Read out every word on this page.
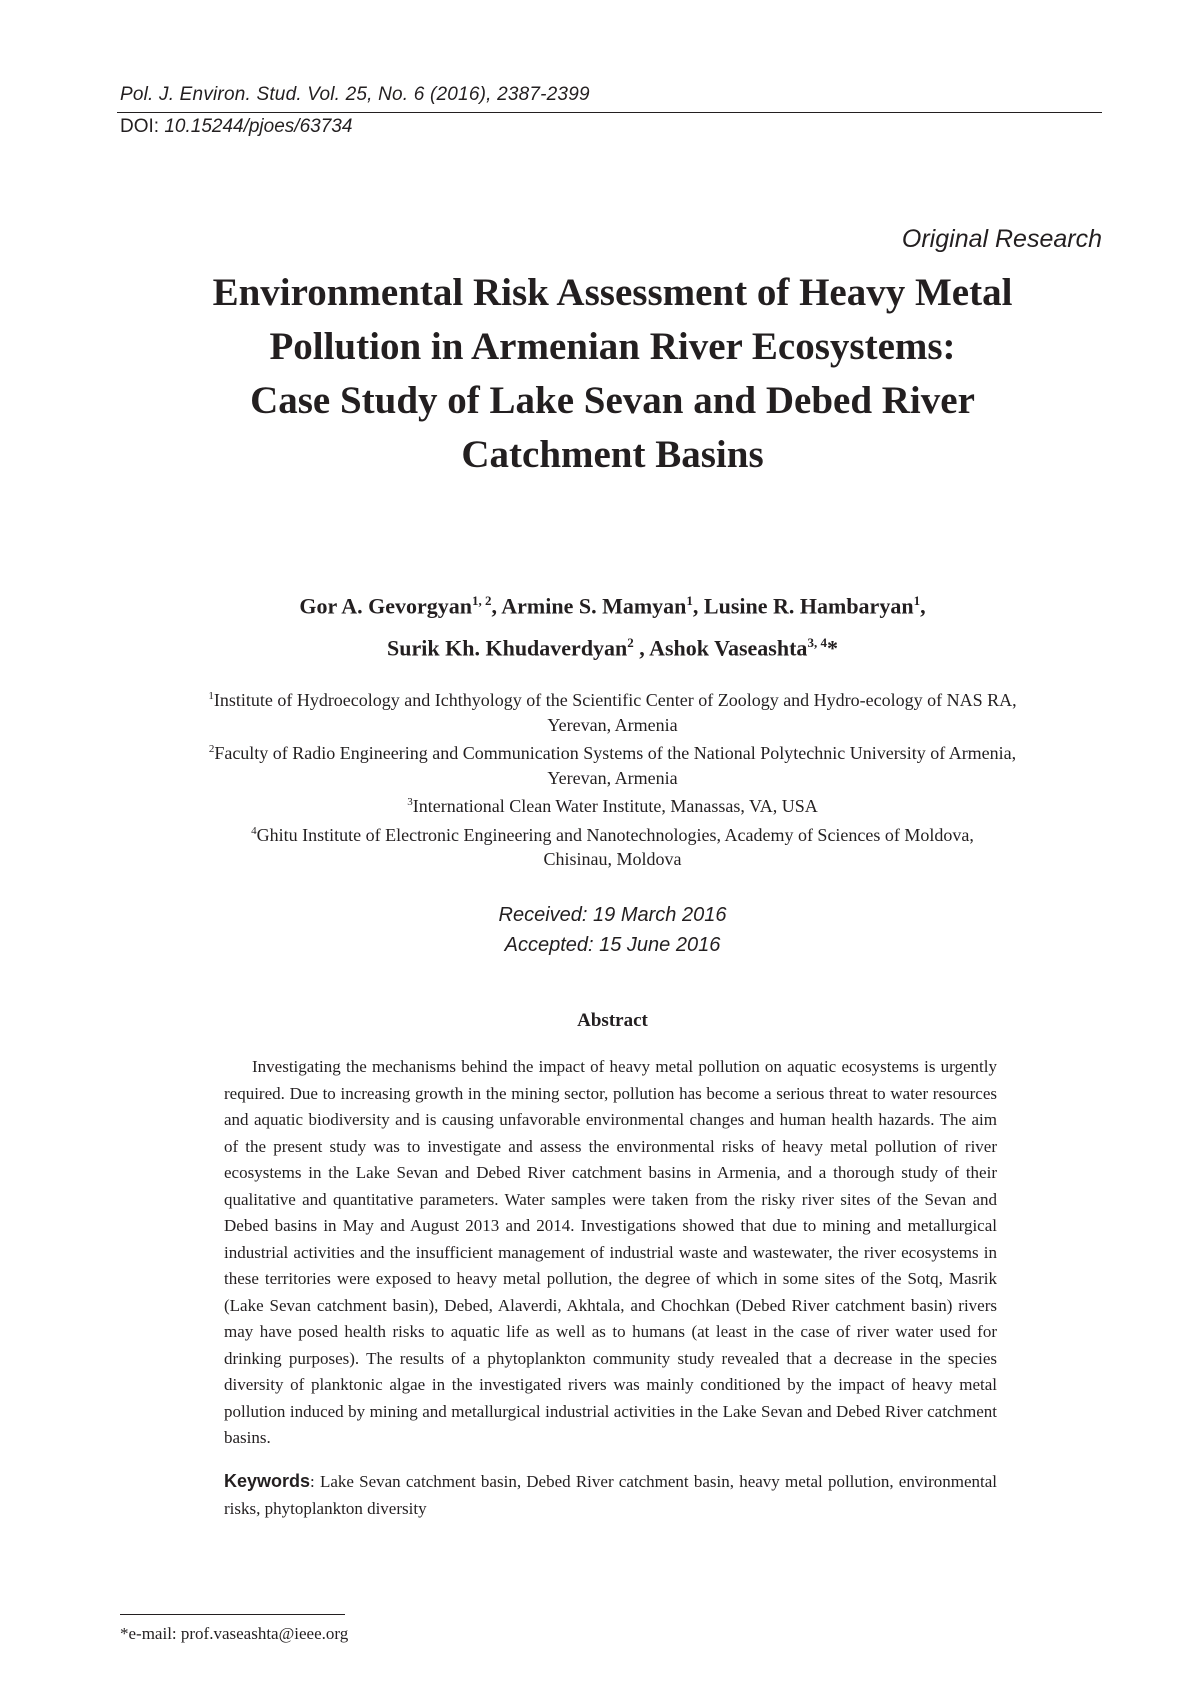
Pol. J. Environ. Stud. Vol. 25, No. 6 (2016), 2387-2399
DOI: 10.15244/pjoes/63734
Original Research
Environmental Risk Assessment of Heavy Metal
Pollution in Armenian River Ecosystems:
Case Study of Lake Sevan and Debed River
Catchment Basins
Gor A. Gevorgyan$^{1, 2}$, Armine S. Mamyan$^1$, Lusine R. Hambaryan$^1$,
Surik Kh. Khudaverdyan$^2$ , Ashok Vaseashta$^{3, 4}$*
$^1$Institute of Hydroecology and Ichthyology of the Scientific Center of Zoology and Hydro-ecology of NAS RA,
Yerevan, Armenia
$^2$Faculty of Radio Engineering and Communication Systems of the National Polytechnic University of Armenia,
Yerevan, Armenia
$^3$International Clean Water Institute, Manassas, VA, USA
$^4$Ghitu Institute of Electronic Engineering and Nanotechnologies, Academy of Sciences of Moldova,
Chisinau, Moldova
Received: 19 March 2016
Accepted: 15 June 2016
Abstract

Investigating the mechanisms behind the impact of heavy metal pollution on aquatic ecosystems is urgently required. Due to increasing growth in the mining sector, pollution has become a serious threat to water resources and aquatic biodiversity and is causing unfavorable environmental changes and human health hazards. The aim of the present study was to investigate and assess the environmental risks of heavy metal pollution of river ecosystems in the Lake Sevan and Debed River catchment basins in Armenia, and a thorough study of their qualitative and quantitative parameters. Water samples were taken from the risky river sites of the Sevan and Debed basins in May and August 2013 and 2014. Investigations showed that due to mining and metallurgical industrial activities and the insufficient management of industrial waste and wastewater, the river ecosystems in these territories were exposed to heavy metal pollution, the degree of which in some sites of the Sotq, Masrik (Lake Sevan catchment basin), Debed, Alaverdi, Akhtala, and Chochkan (Debed River catchment basin) rivers may have posed health risks to aquatic life as well as to humans (at least in the case of river water used for drinking purposes). The results of a phytoplankton community study revealed that a decrease in the species diversity of planktonic algae in the investigated rivers was mainly conditioned by the impact of heavy metal pollution induced by mining and metallurgical industrial activities in the Lake Sevan and Debed River catchment basins.

Keywords: Lake Sevan catchment basin, Debed River catchment basin, heavy metal pollution, environmental risks, phytoplankton diversity

*e-mail: prof.vaseashta@ieee.org
